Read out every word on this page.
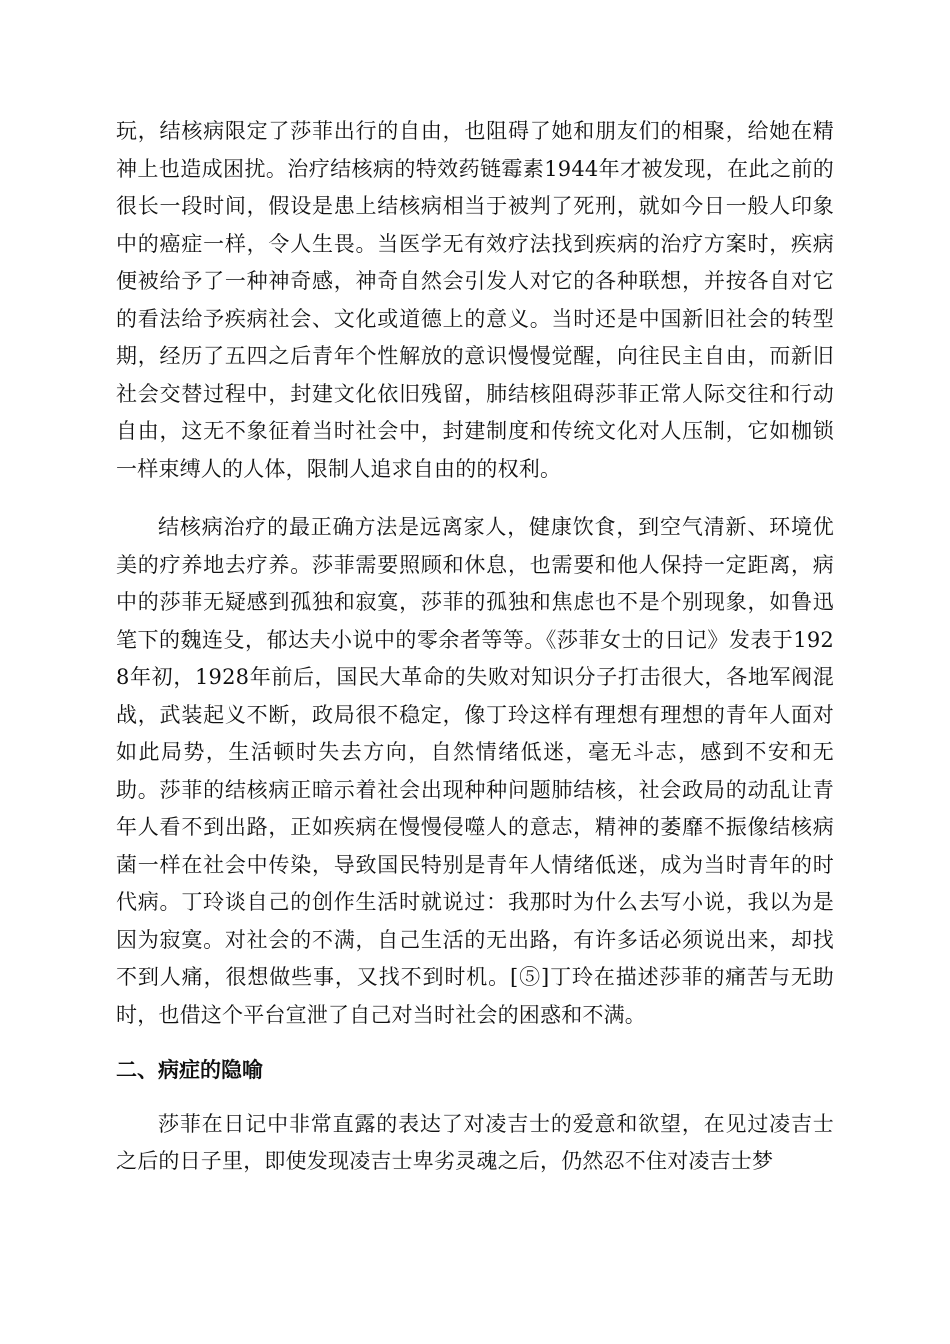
玩，结核病限定了莎菲出行的自由，也阻碍了她和朋友们的相聚，给她在精神上也造成困扰。治疗结核病的特效药链霉素1944年才被发现，在此之前的很长一段时间，假设是患上结核病相当于被判了死刑，就如今日一般人印象中的癌症一样，令人生畏。当医学无有效疗法找到疾病的治疗方案时，疾病便被给予了一种神奇感，神奇自然会引发人对它的各种联想，并按各自对它的看法给予疾病社会、文化或道德上的意义。当时还是中国新旧社会的转型期，经历了五四之后青年个性解放的意识慢慢觉醒，向往民主自由，而新旧社会交替过程中，封建文化依旧残留，肺结核阻碍莎菲正常人际交往和行动自由，这无不象征着当时社会中，封建制度和传统文化对人压制，它如枷锁一样束缚人的人体，限制人追求自由的的权利。

结核病治疗的最正确方法是远离家人，健康饮食，到空气清新、环境优美的疗养地去疗养。莎菲需要照顾和休息，也需要和他人保持一定距离，病中的莎菲无疑感到孤独和寂寞，莎菲的孤独和焦虑也不是个别现象，如鲁迅笔下的魏连殳，郁达夫小说中的零余者等等。《莎菲女士的日记》发表于1928年初，1928年前后，国民大革命的失败对知识分子打击很大，各地军阀混战，武装起义不断，政局很不稳定，像丁玲这样有理想有理想的青年人面对如此局势，生活顿时失去方向，自然情绪低迷，毫无斗志，感到不安和无助。莎菲的结核病正暗示着社会出现种种问题肺结核，社会政局的动乱让青年人看不到出路，正如疾病在慢慢侵噬人的意志，精神的萎靡不振像结核病菌一样在社会中传染，导致国民特别是青年人情绪低迷，成为当时青年的时代病。丁玲谈自己的创作生活时就说过：我那时为什么去写小说，我以为是因为寂寞。对社会的不满，自己生活的无出路，有许多话必须说出来，却找不到人痛，很想做些事，又找不到时机。[⑤]丁玲在描述莎菲的痛苦与无助时，也借这个平台宣泄了自己对当时社会的困惑和不满。

二、病症的隐喻

莎菲在日记中非常直露的表达了对凌吉士的爱意和欲望，在见过凌吉士之后的日子里，即使发现凌吉士卑劣灵魂之后，仍然忍不住对凌吉士梦
